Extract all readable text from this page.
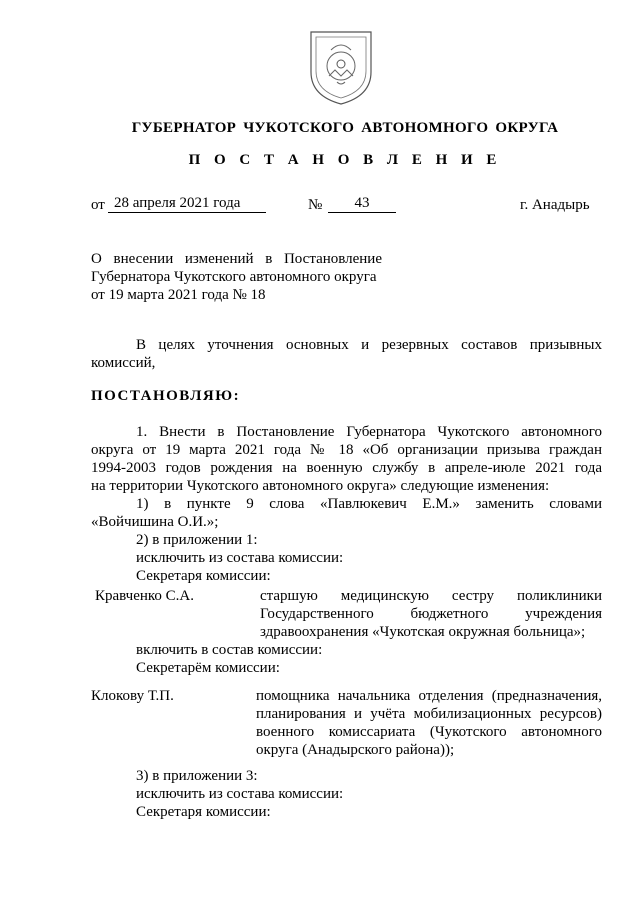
ГУБЕРНАТОР ЧУКОТСКОГО АВТОНОМНОГО ОКРУГА
П О С Т А Н О В Л Е Н И Е
от 28 апреля 2021 года	№	43	г. Анадырь
О внесении изменений в Постановление
Губернатора Чукотского автономного округа
от 19 марта 2021 года № 18
В целях уточнения основных и резервных составов призывных
комиссий,
ПОСТАНОВЛЯЮ:
1. Внести в Постановление Губернатора Чукотского автономного
округа от 19 марта 2021 года № 18 «Об организации призыва граждан
1994-2003 годов рождения на военную службу в апреле-июле 2021 года
на территории Чукотского автономного округа» следующие изменения:
1) в пункте 9 слова «Павлюкевич Е.М.» заменить словами
«Войчишина О.И.»;
2) в приложении 1:
исключить из состава комиссии:
Секретаря комиссии:
Кравченко С.А.	старшую медицинскую сестру поликлиники
Государственного бюджетного учреждения
здравоохранения «Чукотская окружная больница»;
включить в состав комиссии:
Секретарём комиссии:
Клокову Т.П.	помощника начальника отделения (предназначения,
планирования и учёта мобилизационных ресурсов)
военного комиссариата (Чукотского автономного
округа (Анадырского района));
3) в приложении 3:
исключить из состава комиссии:
Секретаря комиссии:
